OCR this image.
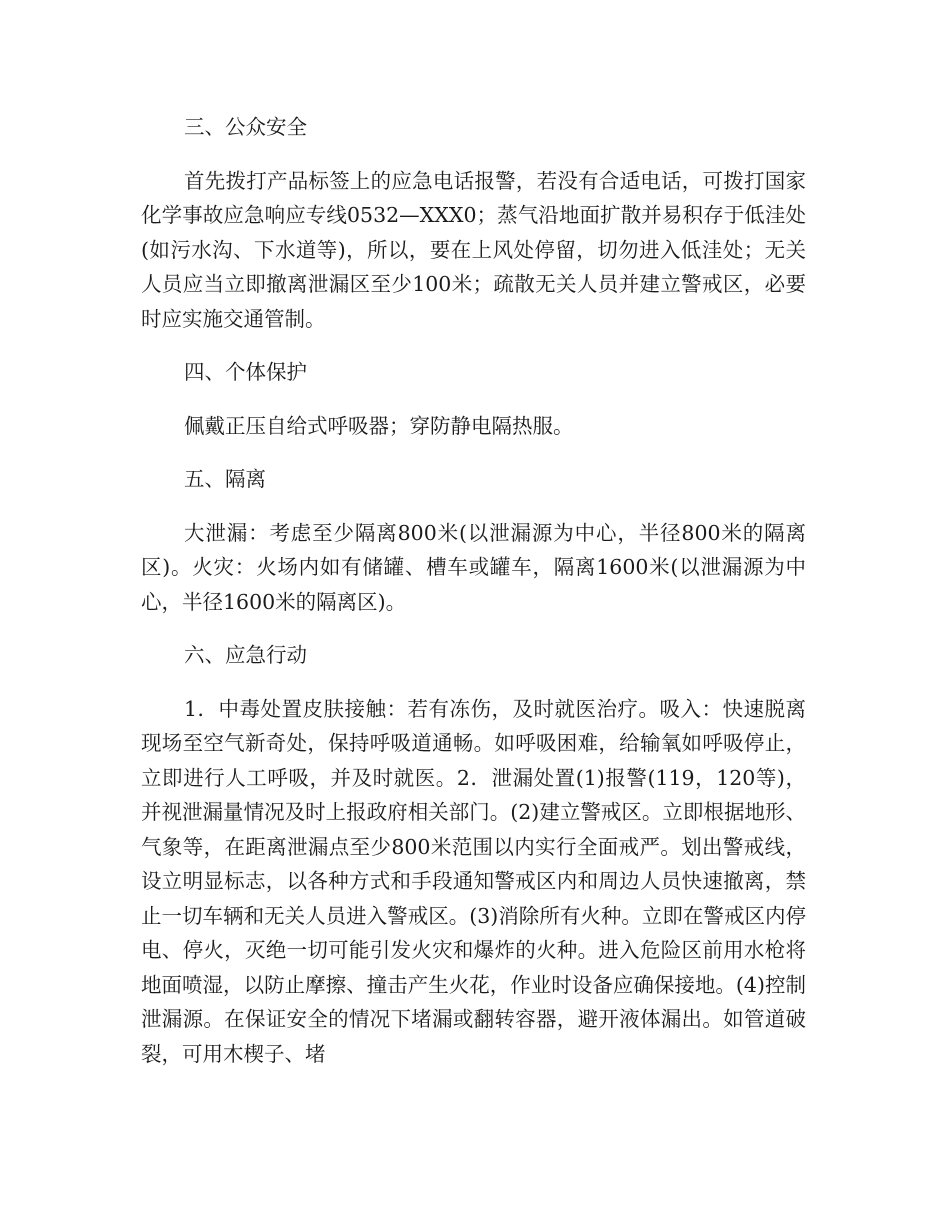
三、公众安全

首先拨打产品标签上的应急电话报警，若没有合适电话，可拨打国家化学事故应急响应专线0532—XXX0；蒸气沿地面扩散并易积存于低洼处(如污水沟、下水道等)，所以，要在上风处停留，切勿进入低洼处；无关人员应当立即撤离泄漏区至少100米；疏散无关人员并建立警戒区，必要时应实施交通管制。

四、个体保护

佩戴正压自给式呼吸器；穿防静电隔热服。

五、隔离

大泄漏：考虑至少隔离800米(以泄漏源为中心，半径800米的隔离区)。火灾：火场内如有储罐、槽车或罐车，隔离1600米(以泄漏源为中心，半径1600米的隔离区)。

六、应急行动

1．中毒处置皮肤接触：若有冻伤，及时就医治疗。吸入：快速脱离现场至空气新奇处，保持呼吸道通畅。如呼吸困难，给输氧如呼吸停止，立即进行人工呼吸，并及时就医。2．泄漏处置(1)报警(119，120等)，并视泄漏量情况及时上报政府相关部门。(2)建立警戒区。立即根据地形、气象等，在距离泄漏点至少800米范围以内实行全面戒严。划出警戒线，设立明显标志，以各种方式和手段通知警戒区内和周边人员快速撤离，禁止一切车辆和无关人员进入警戒区。(3)消除所有火种。立即在警戒区内停电、停火，灭绝一切可能引发火灾和爆炸的火种。进入危险区前用水枪将地面喷湿，以防止摩擦、撞击产生火花，作业时设备应确保接地。(4)控制泄漏源。在保证安全的情况下堵漏或翻转容器，避开液体漏出。如管道破裂，可用木楔子、堵
